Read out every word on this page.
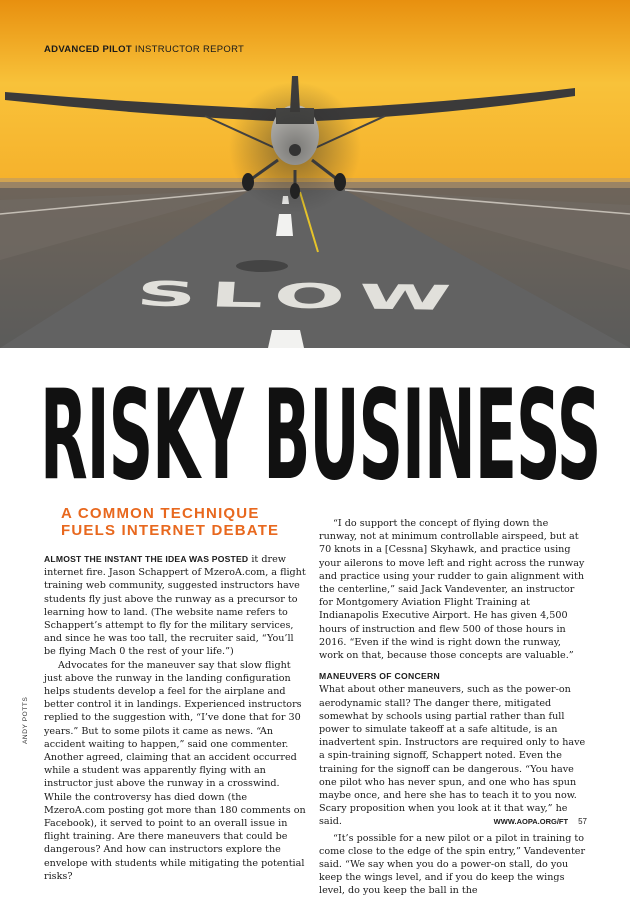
SLOW
ADVANCED PILOT INSTRUCTOR REPORT
RISKY BUSINESS
A COMMON TECHNIQUE FUELS INTERNET DEBATE

ALMOST THE INSTANT THE IDEA WAS POSTED it drew internet fire. Jason Schappert of MzeroA.com, a flight training web community, suggested instructors have students fly just above the runway as a precursor to learning how to land. (The website name refers to Schappert’s attempt to fly for the military services, and since he was too tall, the recruiter said, “You’ll be flying Mach 0 the rest of your life.”)

Advocates for the maneuver say that slow flight just above the runway in the landing configuration helps students develop a feel for the airplane and better control it in landings. Experienced instructors replied to the suggestion with, “I’ve done that for 30 years.” But to some pilots it came as news. “An accident waiting to happen,” said one commenter. Another agreed, claiming that an accident occurred while a student was apparently flying with an instructor just above the runway in a crosswind. While the controversy has died down (the MzeroA.com posting got more than 180 comments on Facebook), it served to point to an overall issue in flight training. Are there maneuvers that could be dangerous? And how can instructors explore the envelope with students while mitigating the potential risks?

“I do support the concept of flying down the runway, not at minimum controllable airspeed, but at 70 knots in a [Cessna] Skyhawk, and practice using your ailerons to move left and right across the runway and practice using your rudder to gain alignment with the centerline,” said Jack Vandeventer, an instructor for Montgomery Aviation Flight Training at Indianapolis Executive Airport. He has given 4,500 hours of instruction and flew 500 of those hours in 2016. “Even if the wind is right down the runway, work on that, because those concepts are valuable.”

MANEUVERS OF CONCERN

What about other maneuvers, such as the power-on aerodynamic stall? The danger there, mitigated somewhat by schools using partial rather than full power to simulate takeoff at a safe altitude, is an inadvertent spin. Instructors are required only to have a spin-training signoff, Schappert noted. Even the training for the signoff can be dangerous. “You have one pilot who has never spun, and one who has spun maybe once, and here she has to teach it to you now. Scary proposition when you look at it that way,” he said.

“It’s possible for a new pilot or a pilot in training to come close to the edge of the spin entry,” Vandeventer said. “We say when you do a power-on stall, do you keep the wings level, and if you do keep the wings level, do you keep the ball in the

ANDY POTTS
WWW.AOPA.ORG/FT 57
